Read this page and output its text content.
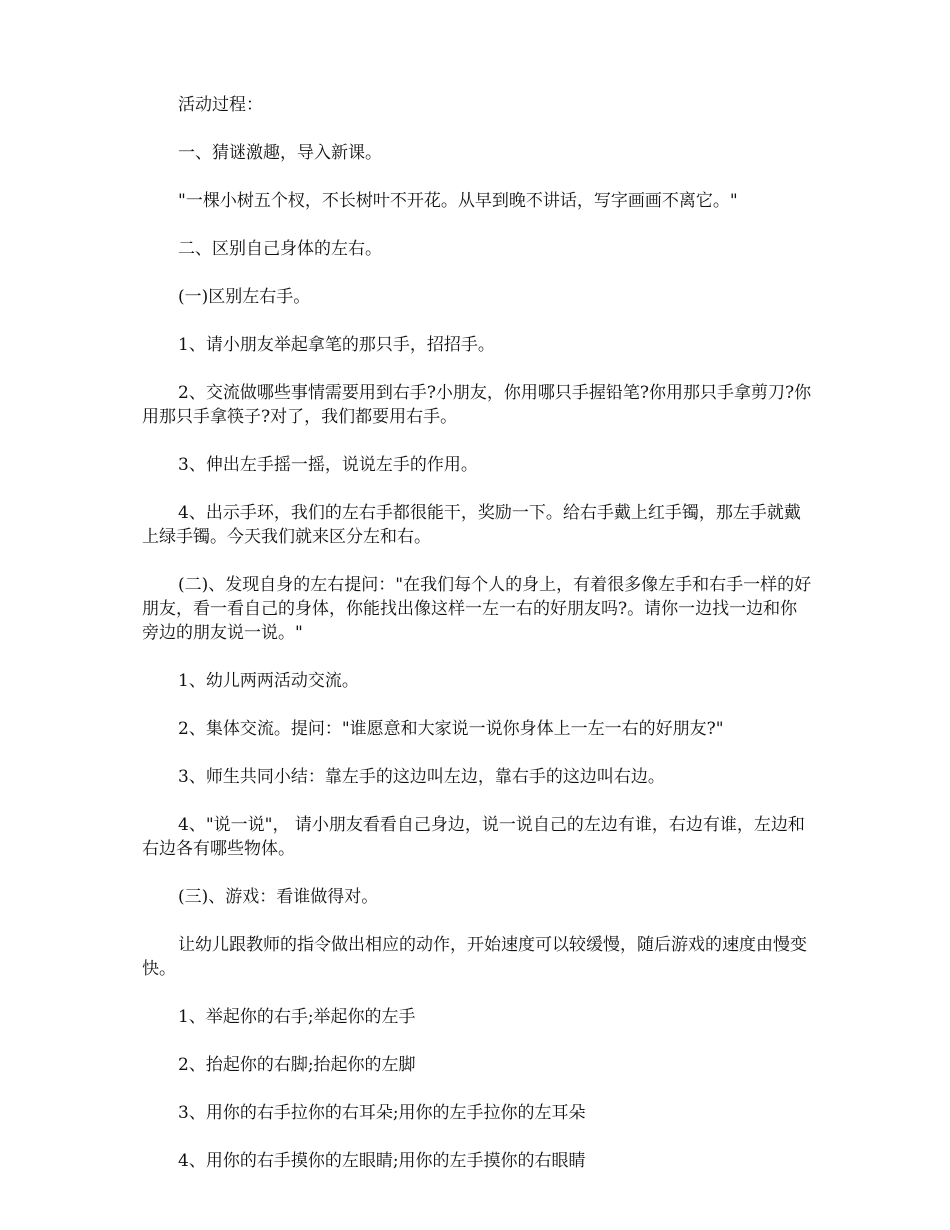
活动过程：

一、猜谜激趣，导入新课。

"一棵小树五个杈，不长树叶不开花。从早到晚不讲话，写字画画不离它。"

二、区别自己身体的左右。

(一)区别左右手。

1、请小朋友举起拿笔的那只手，招招手。

2、交流做哪些事情需要用到右手?小朋友，你用哪只手握铅笔?你用那只手拿剪刀?你用那只手拿筷子?对了，我们都要用右手。

3、伸出左手摇一摇，说说左手的作用。

4、出示手环，我们的左右手都很能干，奖励一下。给右手戴上红手镯，那左手就戴上绿手镯。今天我们就来区分左和右。

(二)、发现自身的左右提问："在我们每个人的身上，有着很多像左手和右手一样的好朋友，看一看自己的身体，你能找出像这样一左一右的好朋友吗?。请你一边找一边和你旁边的朋友说一说。"

1、幼儿两两活动交流。

2、集体交流。提问："谁愿意和大家说一说你身体上一左一右的好朋友?"

3、师生共同小结：靠左手的这边叫左边，靠右手的这边叫右边。

4、"说一说"， 请小朋友看看自己身边，说一说自己的左边有谁，右边有谁，左边和右边各有哪些物体。

(三)、游戏：看谁做得对。

让幼儿跟教师的指令做出相应的动作，开始速度可以较缓慢，随后游戏的速度由慢变快。

1、举起你的右手;举起你的左手

2、抬起你的右脚;抬起你的左脚

3、用你的右手拉你的右耳朵;用你的左手拉你的左耳朵

4、用你的右手摸你的左眼睛;用你的左手摸你的右眼睛
